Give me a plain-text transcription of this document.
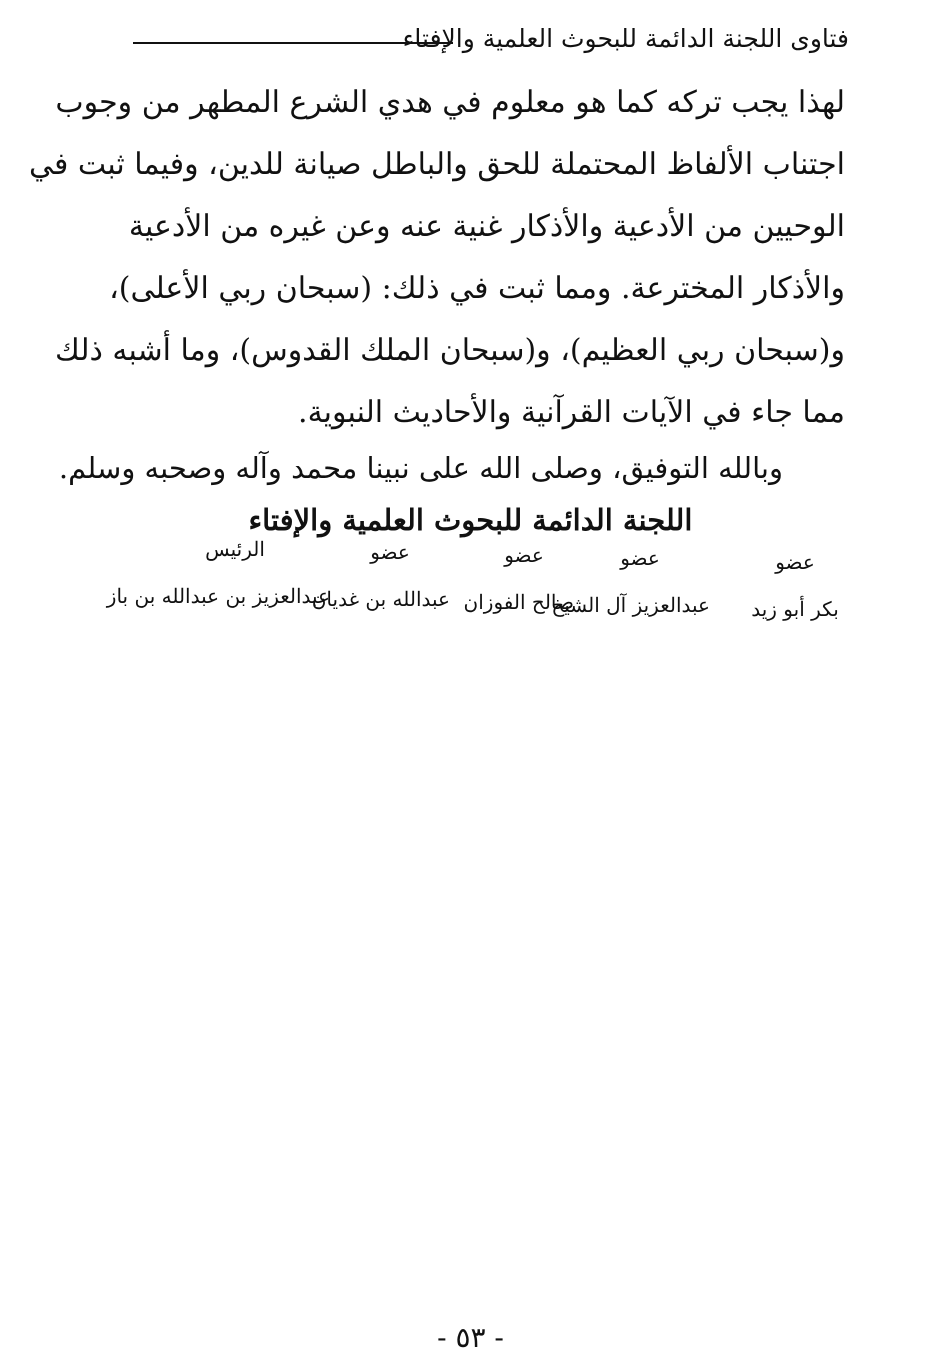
فتاوى اللجنة الدائمة للبحوث العلمية والإفتاء
لهذا يجب تركه كما هو معلوم في هدي الشرع المطهر من وجوب
اجتناب الألفاظ المحتملة للحق والباطل صيانة للدين، وفيما ثبت في
الوحيين من الأدعية والأذكار غنية عنه وعن غيره من الأدعية
والأذكار المخترعة. ومما ثبت في ذلك: (سبحان ربي الأعلى)،
و(سبحان ربي العظيم)، و(سبحان الملك القدوس)، وما أشبه ذلك
مما جاء في الآيات القرآنية والأحاديث النبوية.
وبالله التوفيق، وصلى الله على نبينا محمد وآله وصحبه وسلم.
اللجنة الدائمة للبحوث العلمية والإفتاء
عضو
بكر أبو زيد
عضو
عبدالعزيز آل الشيخ
عضو
صالح الفوزان
عضو
عبدالله بن غديان
الرئيس
عبدالعزيز بن عبدالله بن باز
- ٥٣ -
